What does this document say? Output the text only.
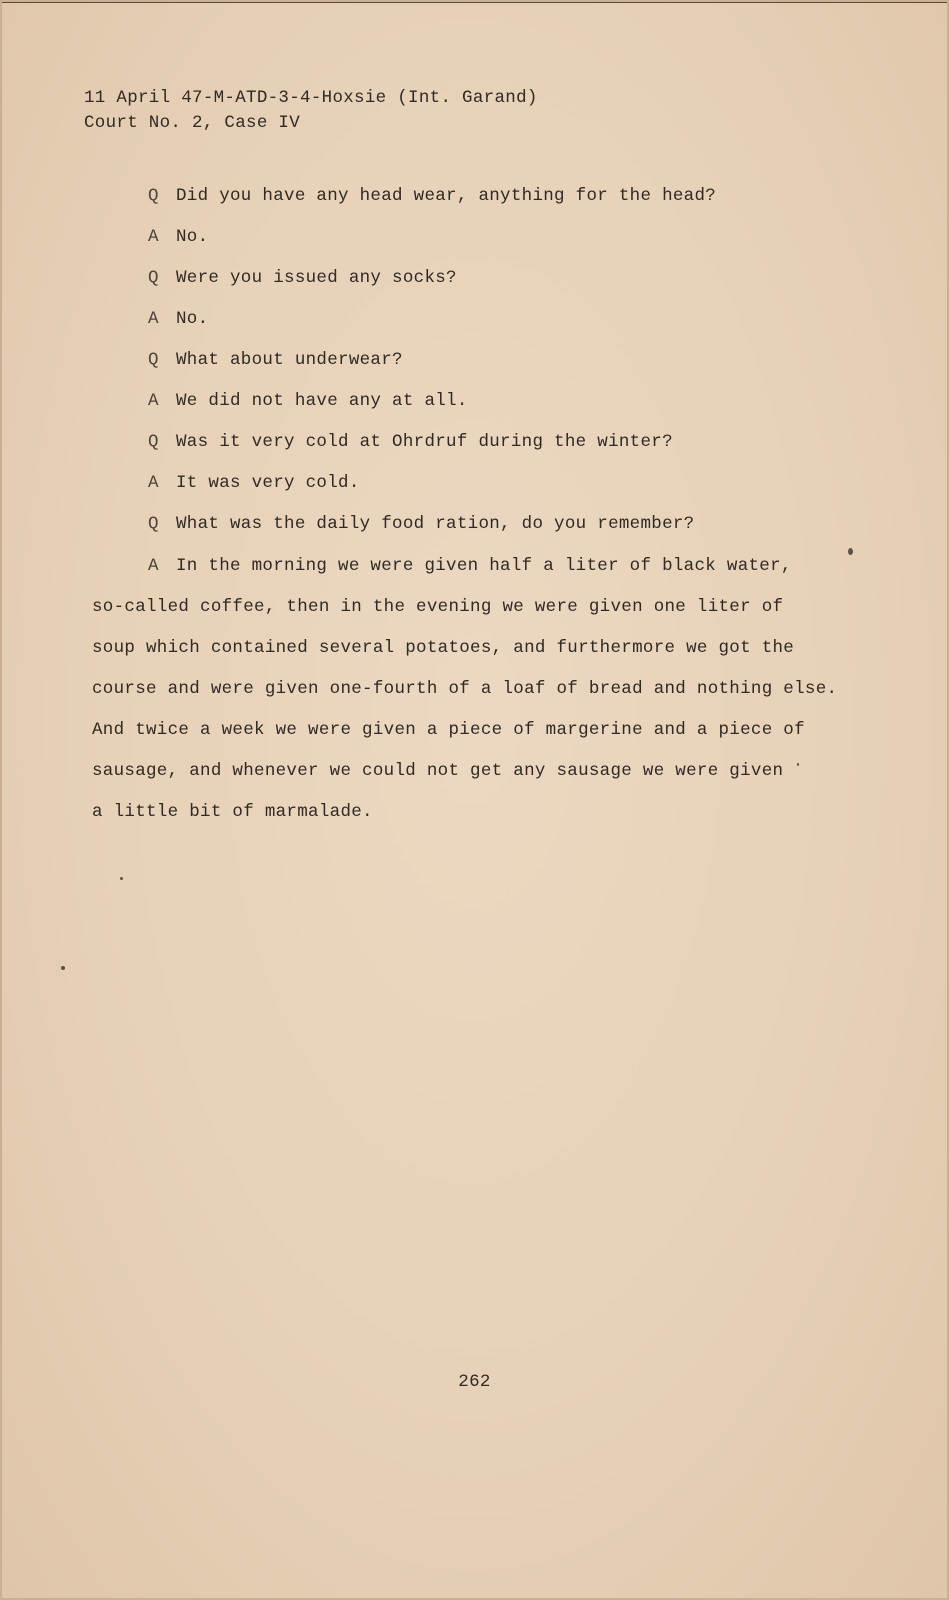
11 April 47-M-ATD-3-4-Hoxsie (Int. Garand)
Court No. 2, Case IV
Q Did you have any head wear, anything for the head?
A No.
Q Were you issued any socks?
A No.
Q What about underwear?
A We did not have any at all.
Q Was it very cold at Ohrdruf during the winter?
A It was very cold.
Q What was the daily food ration, do you remember?
A In the morning we were given half a liter of black water,
so-called coffee, then in the evening we were given one liter of
soup which contained several potatoes, and furthermore we got the
course and were given one-fourth of a loaf of bread and nothing else.
And twice a week we were given a piece of margerine and a piece of
sausage, and whenever we could not get any sausage we were given
a little bit of marmalade.
262
